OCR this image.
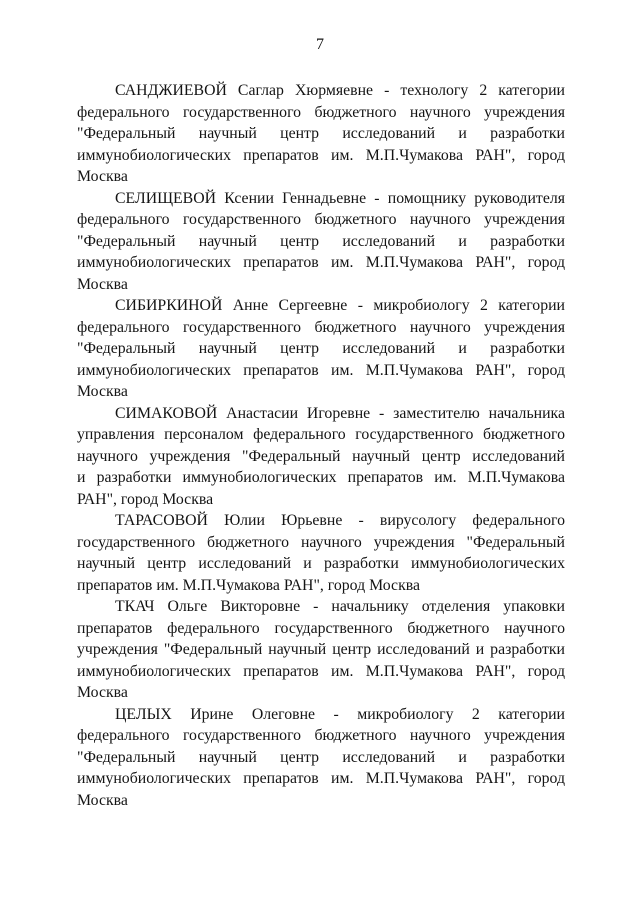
7
САНДЖИЕВОЙ Саглар Хюрмяевне - технологу 2 категории
федерального государственного бюджетного научного учреждения
"Федеральный научный центр исследований и разработки
иммунобиологических препаратов им. М.П.Чумакова РАН", город
Москва
СЕЛИЩЕВОЙ Ксении Геннадьевне - помощнику руководителя
федерального государственного бюджетного научного учреждения
"Федеральный научный центр исследований и разработки
иммунобиологических препаратов им. М.П.Чумакова РАН", город
Москва
СИБИРКИНОЙ Анне Сергеевне - микробиологу 2 категории
федерального государственного бюджетного научного учреждения
"Федеральный научный центр исследований и разработки
иммунобиологических препаратов им. М.П.Чумакова РАН", город
Москва
СИМАКОВОЙ Анастасии Игоревне - заместителю начальника
управления персоналом федерального государственного бюджетного
научного учреждения "Федеральный научный центр исследований
и разработки иммунобиологических препаратов им. М.П.Чумакова
РАН", город Москва
ТАРАСОВОЙ Юлии Юрьевне - вирусологу федерального
государственного бюджетного научного учреждения "Федеральный
научный центр исследований и разработки иммунобиологических
препаратов им. М.П.Чумакова РАН", город Москва
ТКАЧ Ольге Викторовне - начальнику отделения упаковки
препаратов федерального государственного бюджетного научного
учреждения "Федеральный научный центр исследований и разработки
иммунобиологических препаратов им. М.П.Чумакова РАН", город
Москва
ЦЕЛЫХ Ирине Олеговне - микробиологу 2 категории
федерального государственного бюджетного научного учреждения
"Федеральный научный центр исследований и разработки
иммунобиологических препаратов им. М.П.Чумакова РАН", город
Москва
